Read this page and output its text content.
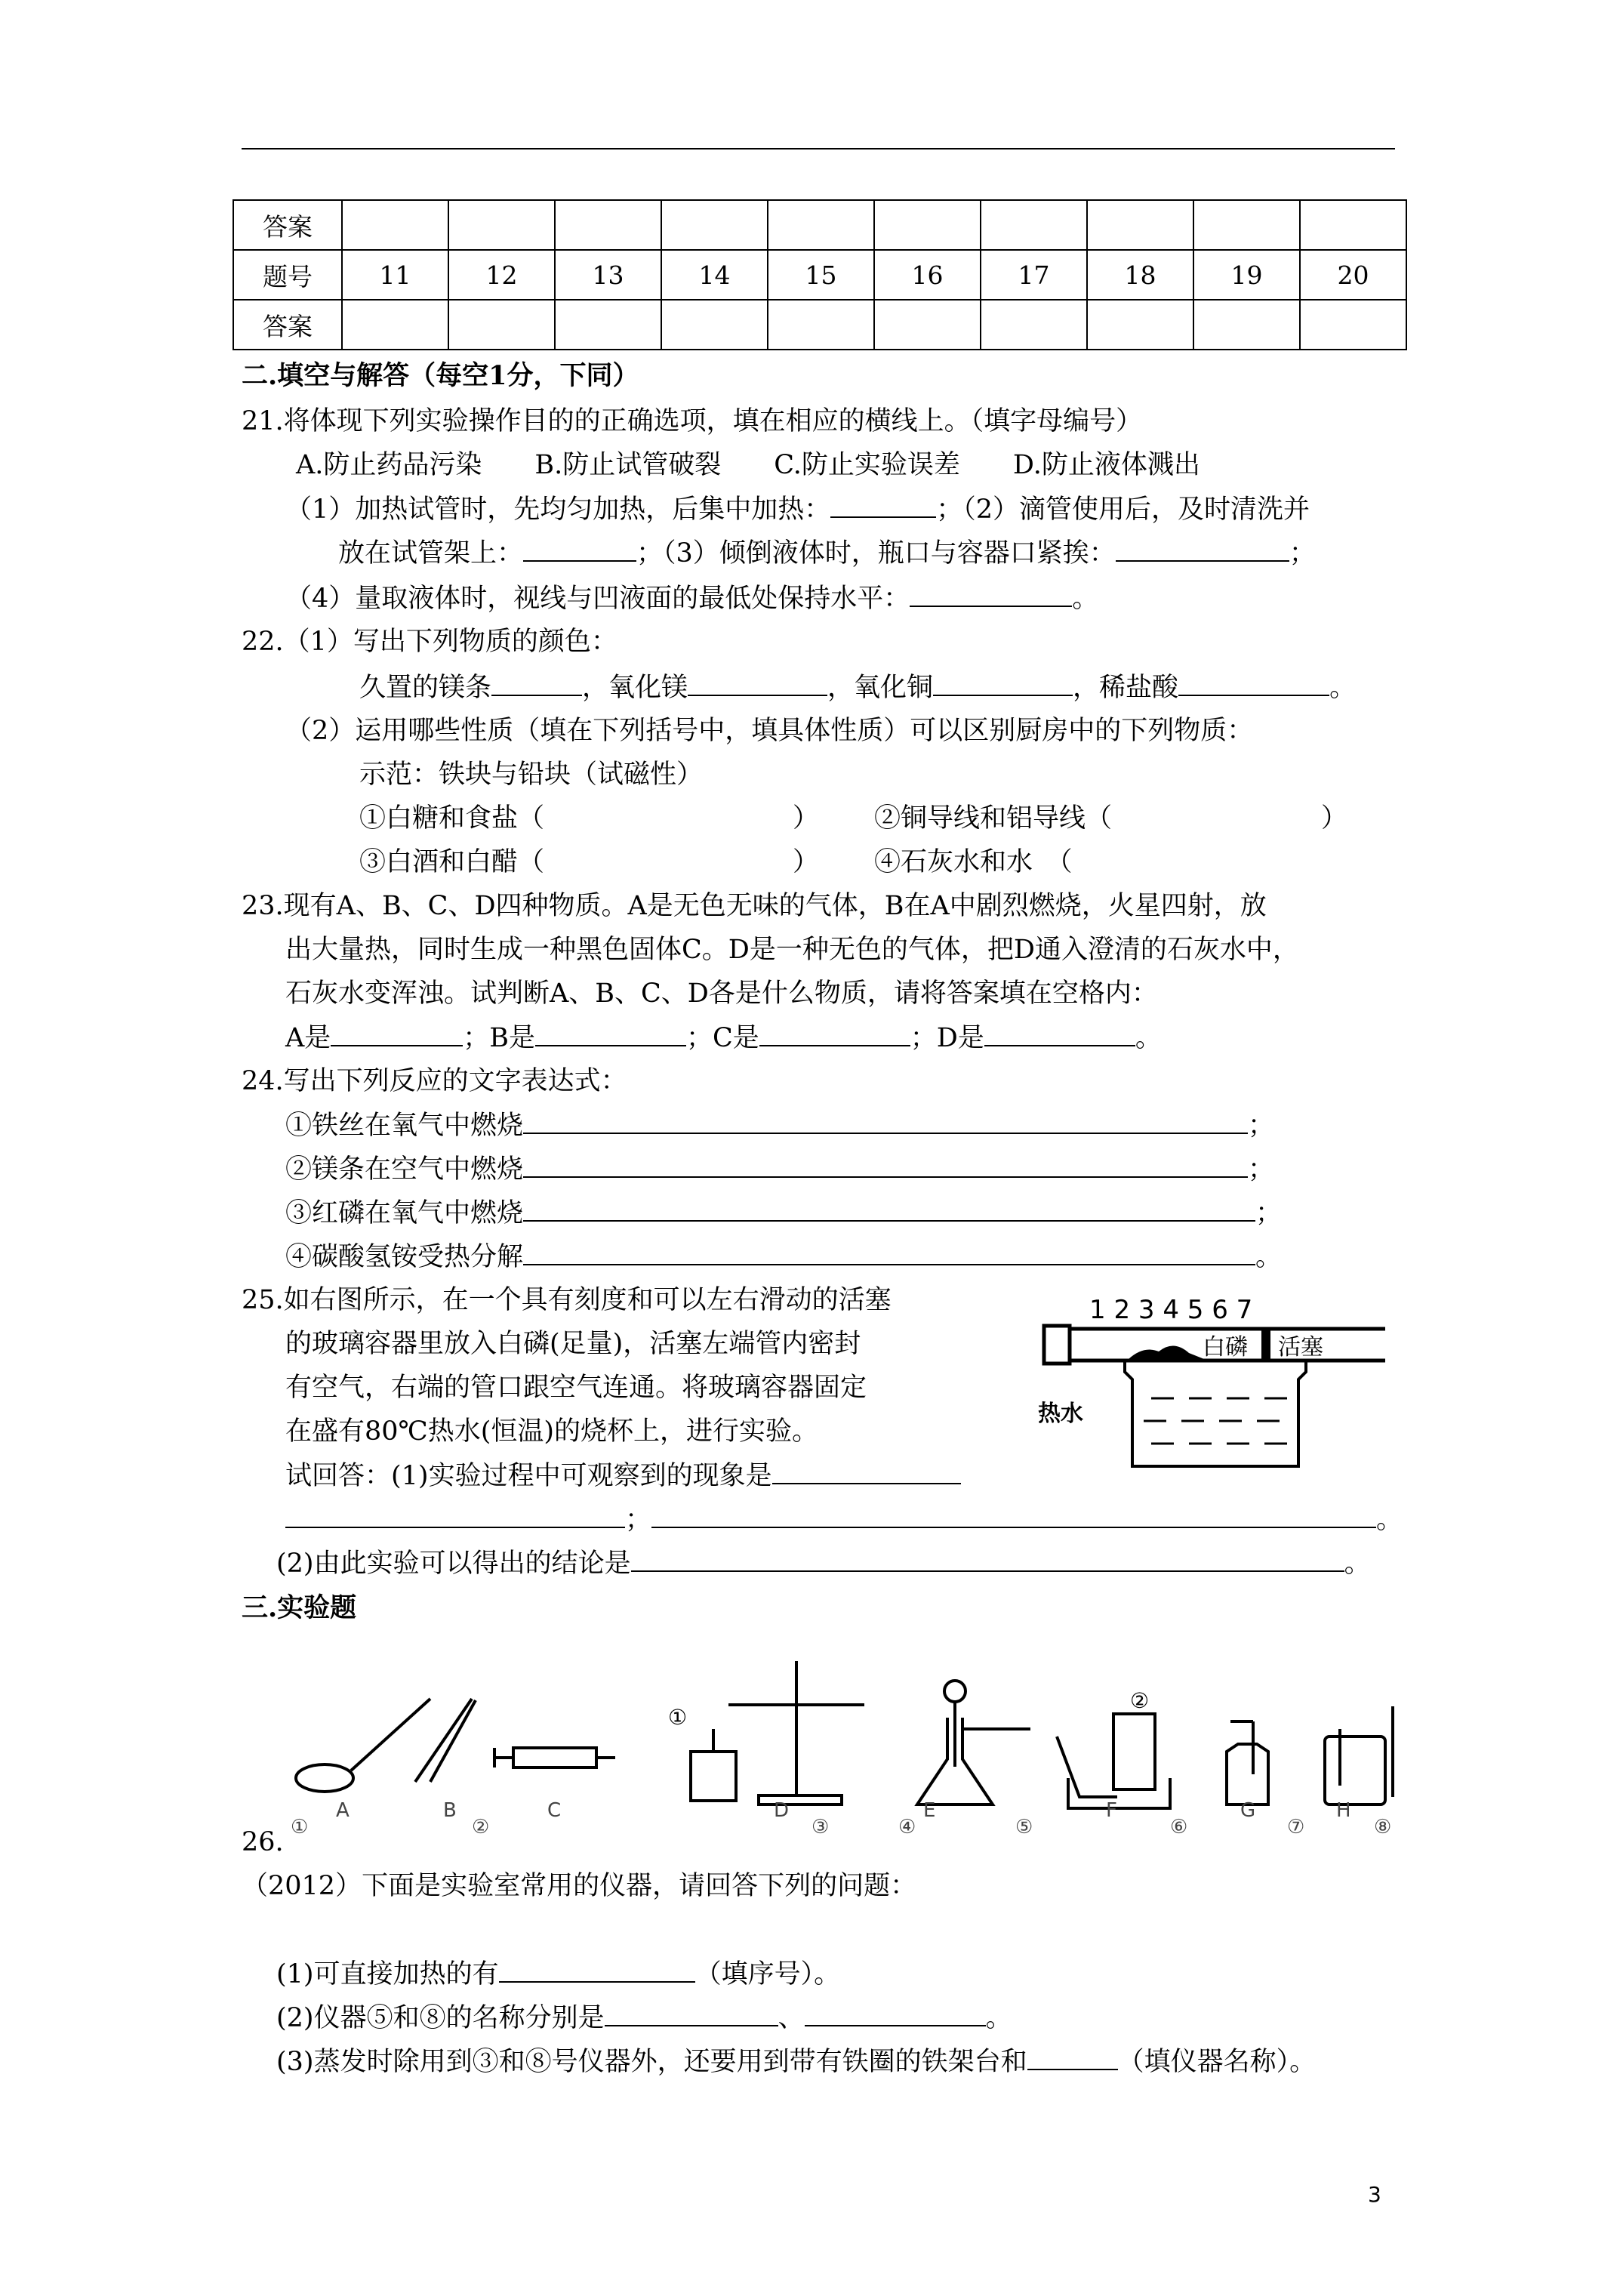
答案										
题号	11	12	13	14	15	16	17	18	19	20
答案										
二.填空与解答（每空1分，下同）
21.将体现下列实验操作目的的正确选项，填在相应的横线上。（填字母编号）
A.防止药品污染　　B.防止试管破裂　　C.防止实验误差　　D.防止液体溅出
（1）加热试管时，先均匀加热，后集中加热：	；（2）滴管使用后，及时清洗并
放在试管架上：	；（3）倾倒液体时，瓶口与容器口紧挨：	；
（4）量取液体时，视线与凹液面的最低处保持水平：	。
22.（1）写出下列物质的颜色：
久置的镁条	，氧化镁	，氧化铜	，稀盐酸	。
（2）运用哪些性质（填在下列括号中，填具体性质）可以区别厨房中的下列物质：
示范：铁块与铅块（试磁性）
①白糖和食盐（	） ②铜导线和铝导线（	）
③白酒和白醋（	） ④石灰水和水　（
23.现有A、B、C、D四种物质。A是无色无味的气体，B在A中剧烈燃烧，火星四射，放
出大量热，同时生成一种黑色固体C。D是一种无色的气体，把D通入澄清的石灰水中，
石灰水变浑浊。试判断A、B、C、D各是什么物质，请将答案填在空格内：
A是	；B是	；C是	；D是	。
24.写出下列反应的文字表达式：
①铁丝在氧气中燃烧	；
②镁条在空气中燃烧	；
③红磷在氧气中燃烧	；
④碳酸氢铵受热分解	。
25.如右图所示，在一个具有刻度和可以左右滑动的活塞
的玻璃容器里放入白磷(足量)，活塞左端管内密封
有空气，右端的管口跟空气连通。将玻璃容器固定
在盛有80℃热水(恒温)的烧杯上，进行实验。
试回答：(1)实验过程中可观察到的现象是
；	。
(2)由此实验可以得出的结论是	。
1 2 3 4 5 6 7
白磷 活塞
热水
三.实验题
A	B	C	D	E	F	G	H
①	②	③	④	⑤	⑥	⑦	⑧
①
②
26.
（2012）下面是实验室常用的仪器，请回答下列的问题：
(1)可直接加热的有	（填序号）。
(2)仪器⑤和⑧的名称分别是	、	。
(3)蒸发时除用到③和⑧号仪器外，还要用到带有铁圈的铁架台和	（填仪器名称）。
3
